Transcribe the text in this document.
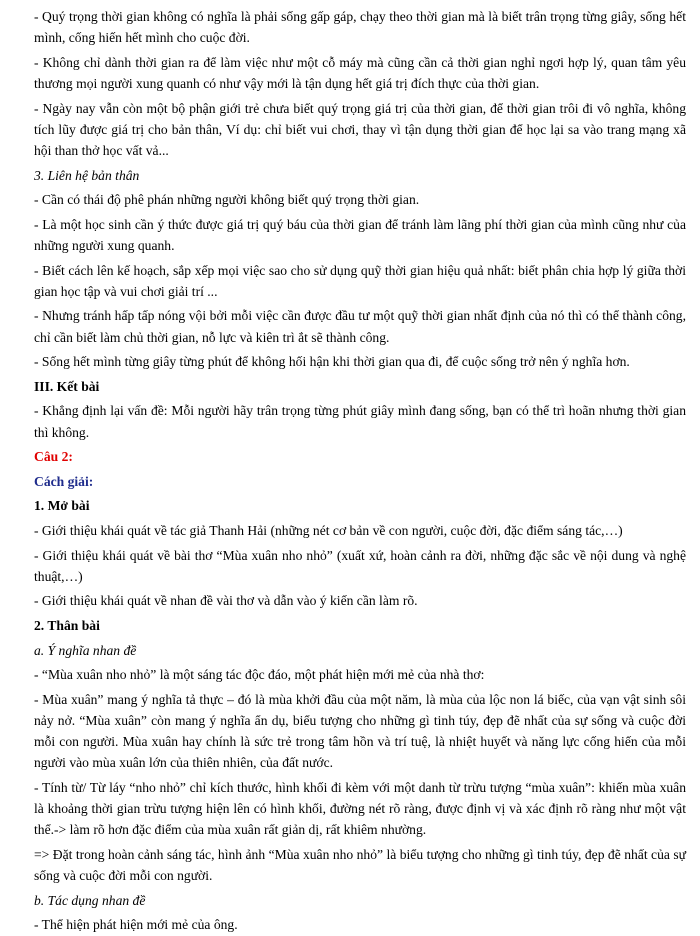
- Quý trọng thời gian không có nghĩa là phải sống gấp gáp, chạy theo thời gian mà là biết trân trọng từng giây, sống hết mình, cống hiến hết mình cho cuộc đời.

- Không chỉ dành thời gian ra để làm việc như một cỗ máy mà cũng cần cả thời gian nghỉ ngơi hợp lý, quan tâm yêu thương mọi người xung quanh có như vậy mới là tận dụng hết giá trị đích thực của thời gian.

- Ngày nay vẫn còn một bộ phận giới trẻ chưa biết quý trọng giá trị của thời gian, để thời gian trôi đi vô nghĩa, không tích lũy được giá trị cho bản thân, Ví dụ: chỉ biết vui chơi, thay vì tận dụng thời gian để học lại sa vào trang mạng xã hội than thở học vất vả...

3. Liên hệ bản thân

- Cần có thái độ phê phán những người không biết quý trọng thời gian.

- Là một học sinh cần ý thức được giá trị quý báu của thời gian để tránh làm lãng phí thời gian của mình cũng như của những người xung quanh.

- Biết cách lên kế hoạch, sắp xếp mọi việc sao cho sử dụng quỹ thời gian hiệu quả nhất: biết phân chia hợp lý giữa thời gian học tập và vui chơi giải trí ...

- Nhưng tránh hấp tấp nóng vội bởi mỗi việc cần được đầu tư một quỹ thời gian nhất định của nó thì có thể thành công, chỉ cần biết làm chủ thời gian, nỗ lực và kiên trì ắt sẽ thành công.

- Sống hết mình từng giây từng phút để không hối hận khi thời gian qua đi, để cuộc sống trở nên ý nghĩa hơn.

III. Kết bài

- Khẳng định lại vấn đề: Mỗi người hãy trân trọng từng phút giây mình đang sống, bạn có thể trì hoãn nhưng thời gian thì không.

Câu 2:

Cách giải:

1. Mở bài

- Giới thiệu khái quát về tác giả Thanh Hải (những nét cơ bản về con người, cuộc đời, đặc điểm sáng tác,…)

- Giới thiệu khái quát về bài thơ “Mùa xuân nho nhỏ” (xuất xứ, hoàn cảnh ra đời, những đặc sắc về nội dung và nghệ thuật,…)

- Giới thiệu khái quát về nhan đề vài thơ và dẫn vào ý kiến cần làm rõ.

2. Thân bài

a. Ý nghĩa nhan đề

- “Mùa xuân nho nhỏ” là một sáng tác độc đáo, một phát hiện mới mẻ của nhà thơ:

- Mùa xuân” mang ý nghĩa tả thực – đó là mùa khởi đầu của một năm, là mùa của lộc non lá biếc, của vạn vật sinh sôi nảy nở. “Mùa xuân” còn mang ý nghĩa ẩn dụ, biểu tượng cho những gì tinh túy, đẹp đẽ nhất của sự sống và cuộc đời mỗi con người. Mùa xuân hay chính là sức trẻ trong tâm hồn và trí tuệ, là nhiệt huyết và năng lực cống hiến của mỗi người vào mùa xuân lớn của thiên nhiên, của đất nước.

- Tính từ/ Từ láy “nho nhỏ” chỉ kích thước, hình khối đi kèm với một danh từ trừu tượng “mùa xuân”: khiến mùa xuân là khoảng thời gian trừu tượng hiện lên có hình khối, đường nét rõ ràng, được định vị và xác định rõ ràng như một vật thể.-> làm rõ hơn đặc điểm của mùa xuân rất giản dị, rất khiêm nhường.

=> Đặt trong hoàn cảnh sáng tác, hình ảnh “Mùa xuân nho nhỏ” là biểu tượng cho những gì tinh túy, đẹp đẽ nhất của sự sống và cuộc đời mỗi con người.

b. Tác dụng nhan đề

- Thể hiện phát hiện mới mẻ của ông.
